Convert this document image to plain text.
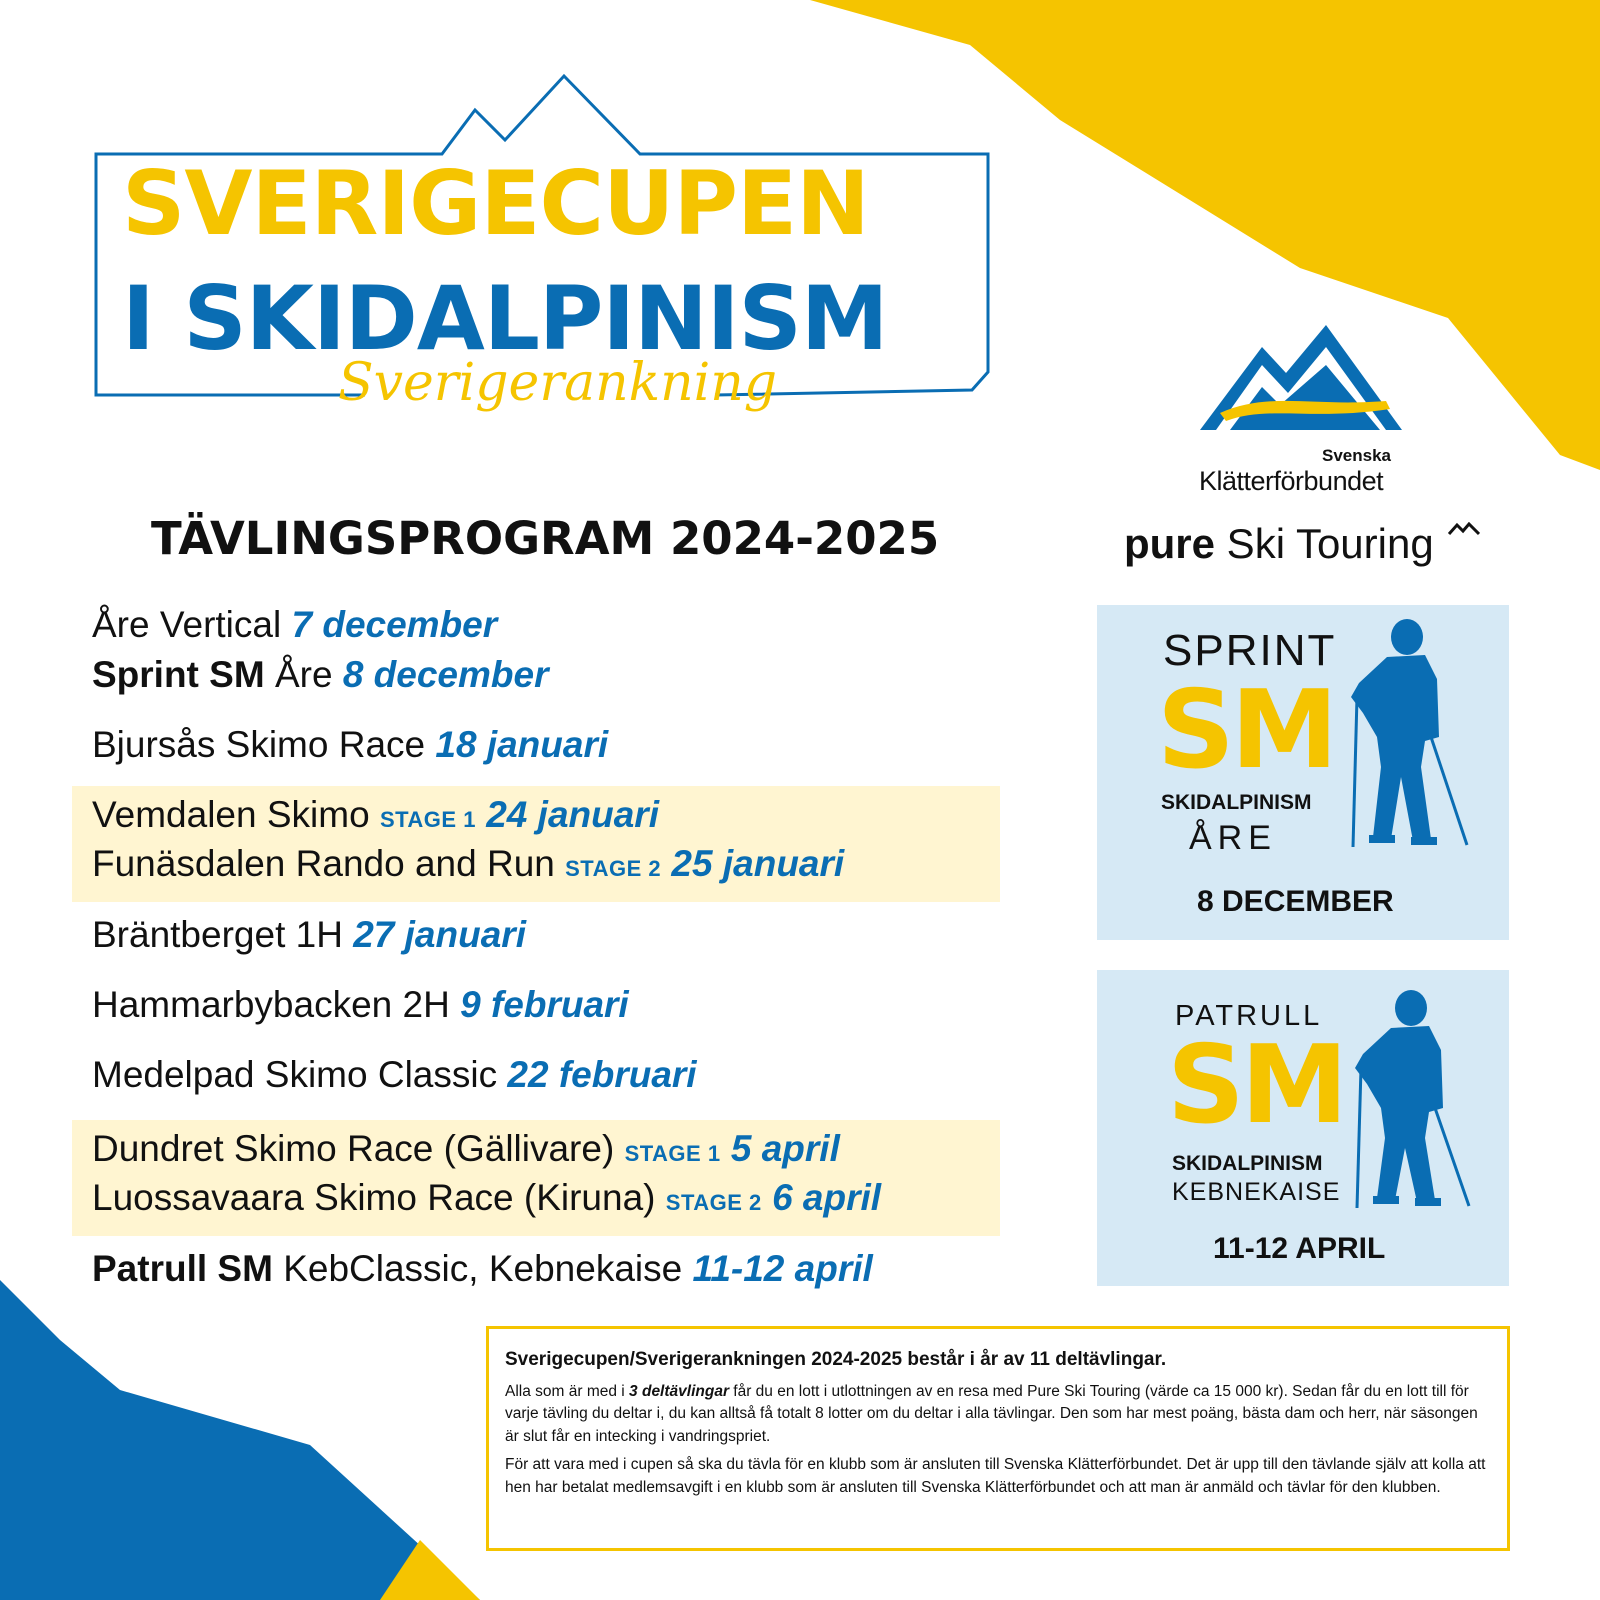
SVERIGECUPEN
I SKIDALPINISM
Sverigerankning
Svenska
Klätterförbundet
pure Ski Touring
TÄVLINGSPROGRAM 2024-2025
Åre Vertical 7 december
Sprint SM Åre 8 december
Bjursås Skimo Race 18 januari
Vemdalen Skimo STAGE 1 24 januari
Funäsdalen Rando and Run STAGE 2 25 januari
Bräntberget 1H 27 januari
Hammarbybacken 2H 9 februari
Medelpad Skimo Classic 22 februari
Dundret Skimo Race (Gällivare) STAGE 1 5 april
Luossavaara Skimo Race (Kiruna) STAGE 2 6 april
Patrull SM KebClassic, Kebnekaise 11-12 april
SPRINT
SM
SKIDALPINISM
ÅRE
8 DECEMBER
PATRULL
SM
SKIDALPINISM
KEBNEKAISE
11-12 APRIL
Sverigecupen/Sverigerankningen 2024-2025 består i år av 11 deltävlingar.
Alla som är med i 3 deltävlingar får du en lott i utlottningen av en resa med Pure Ski Touring (värde ca 15 000 kr). Sedan får du en lott till för varje tävling du deltar i, du kan alltså få totalt 8 lotter om du deltar i alla tävlingar. Den som har mest poäng, bästa dam och herr, när säsongen är slut får en intecking i vandringspriet.
För att vara med i cupen så ska du tävla för en klubb som är ansluten till Svenska Klätterförbundet. Det är upp till den tävlande själv att kolla att hen har betalat medlemsavgift i en klubb som är ansluten till Svenska Klätterförbundet och att man är anmäld och tävlar för den klubben.
